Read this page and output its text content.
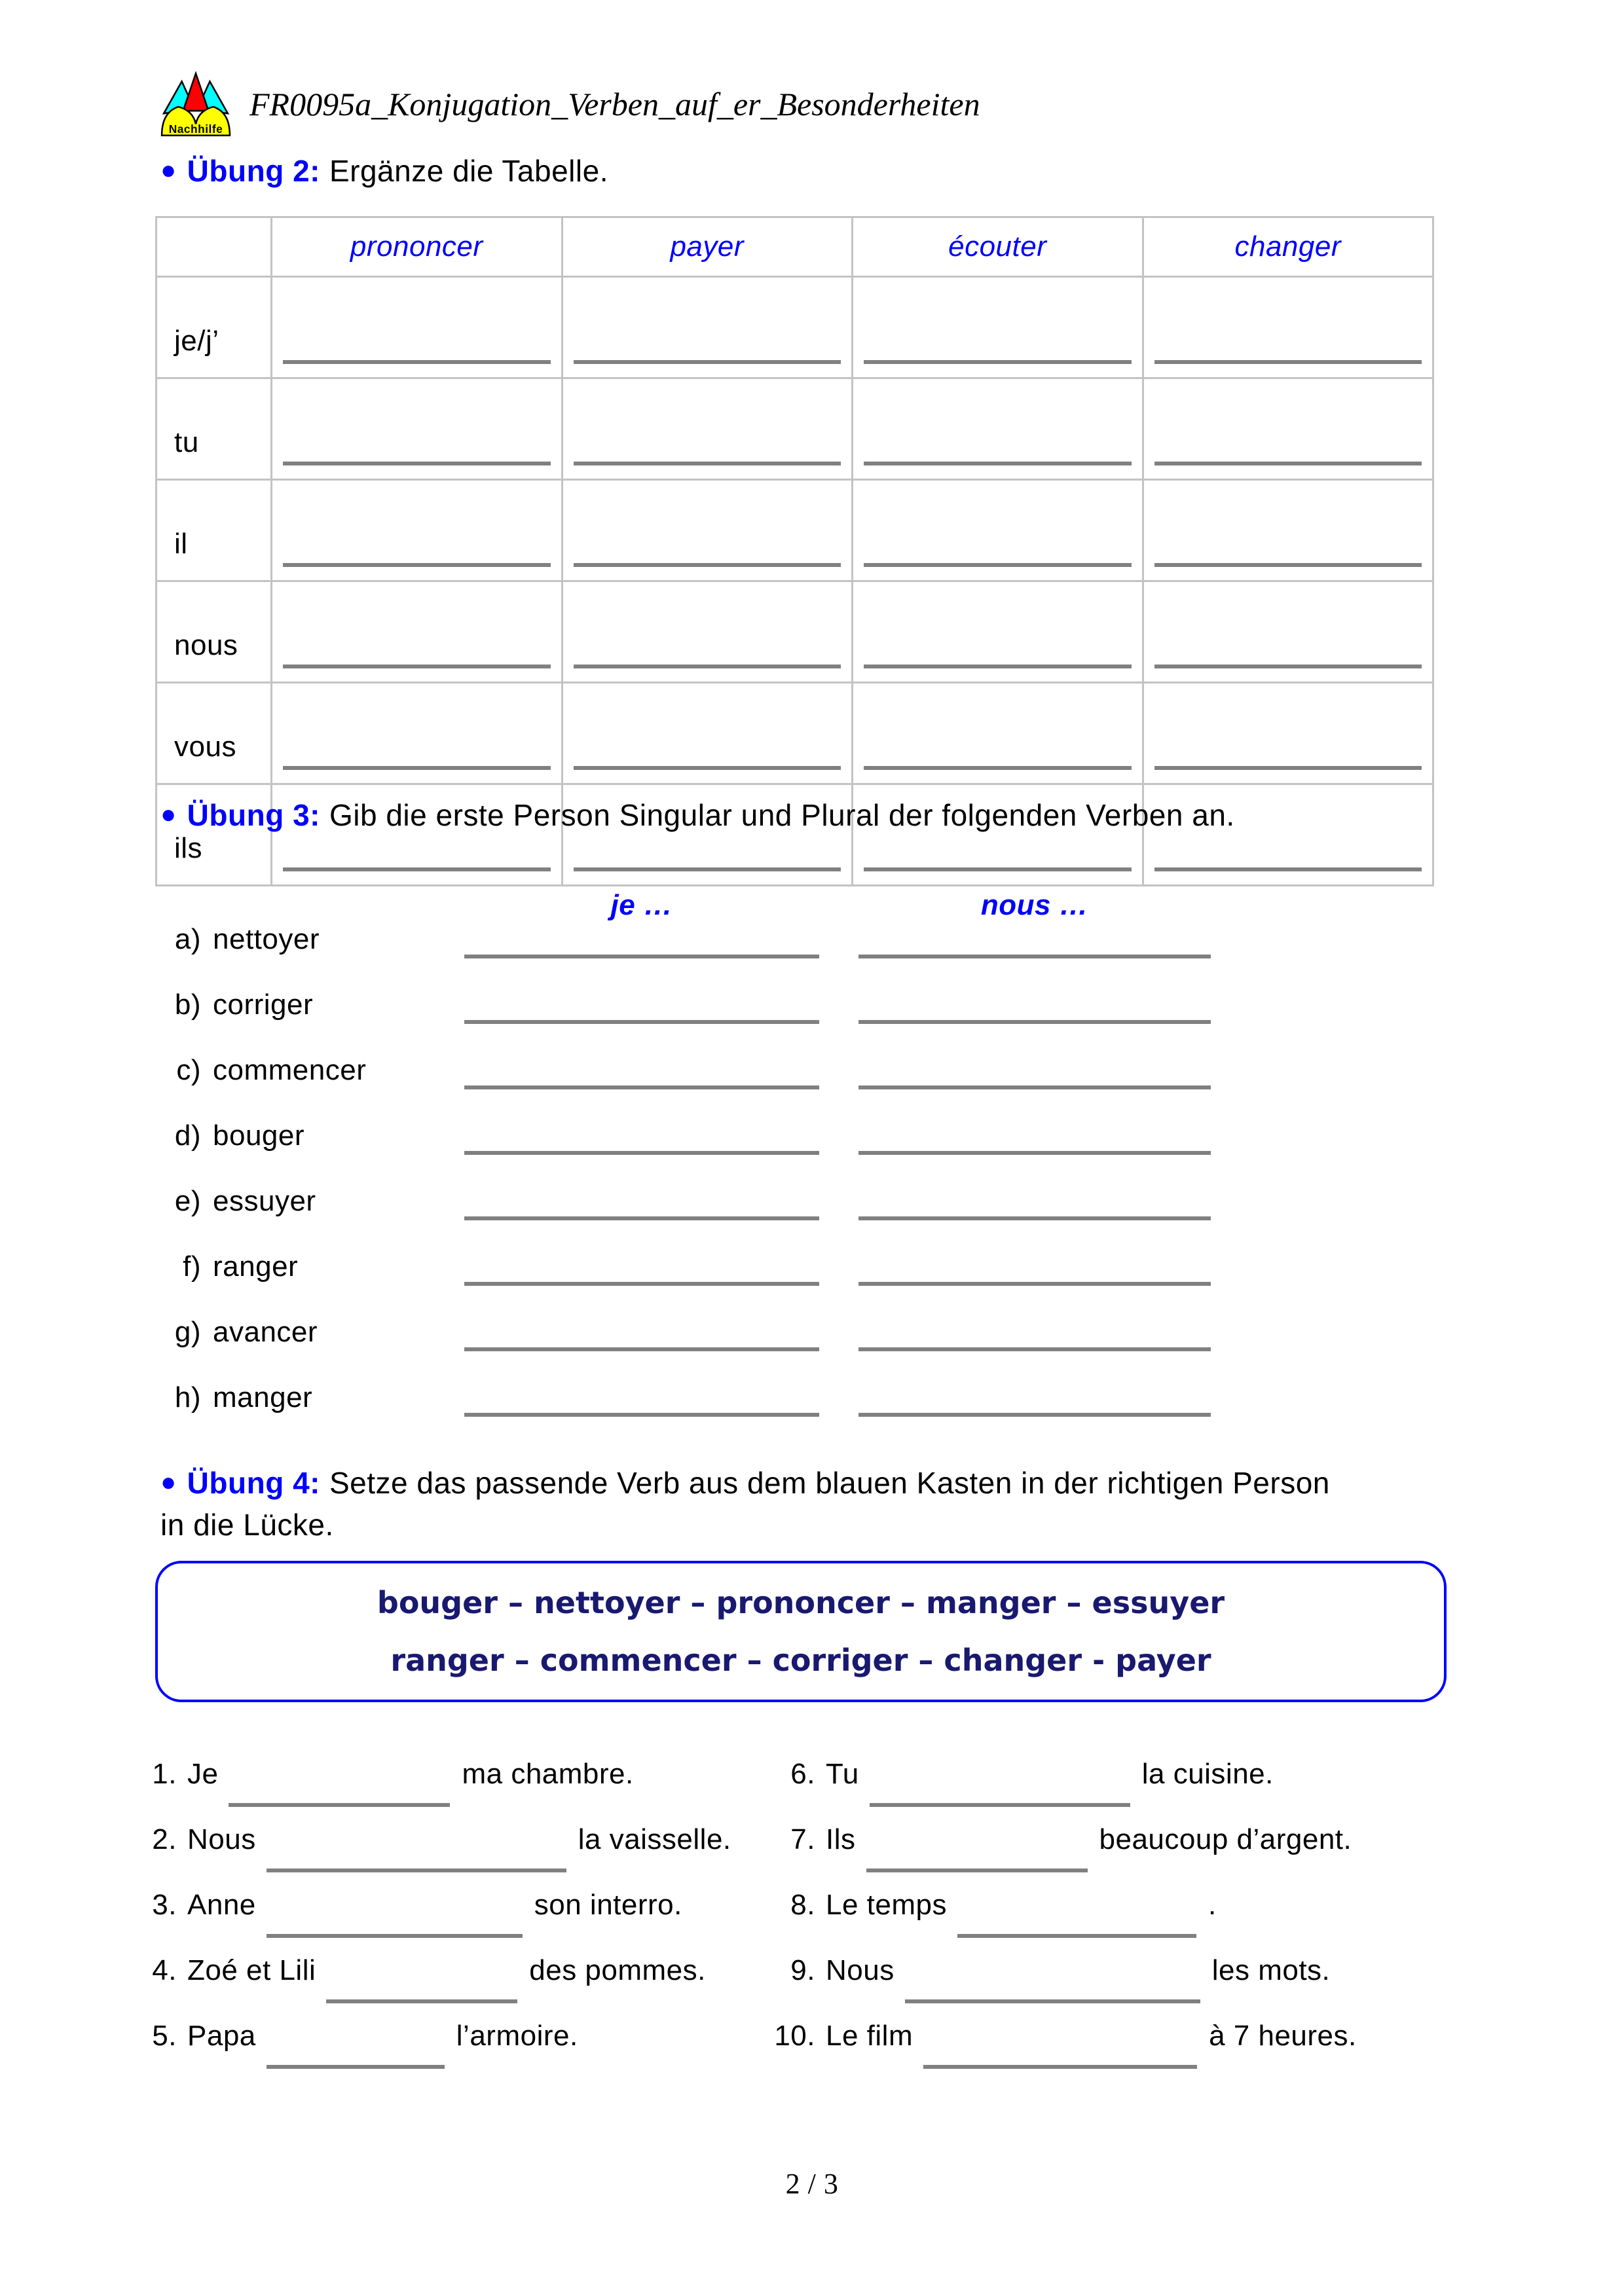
Nachhilfe
FR0095a_Konjugation_Verben_auf_er_Besonderheiten
● Übung 2: Ergänze die Tabelle.
	prononcer	payer	écouter	changer
je/j’	

tu	

il	

nous	

vous	

ils	

● Übung 3: Gib die erste Person Singular und Plural der folgenden Verben an.
je …	nous …
a) nettoyer
b) corriger
c) commencer
d) bouger
e) essuyer
f) ranger
g) avancer
h) manger
● Übung 4: Setze das passende Verb aus dem blauen Kasten in der richtigen Person
in die Lücke.
bouger – nettoyer – prononcer – manger – essuyer
ranger – commencer – corriger – changer - payer
1. Je	ma chambre.	6. Tu	la cuisine.
2. Nous	la vaisselle.	7. Ils	beaucoup d’argent.
3. Anne	son interro.	8. Le temps	.
4. Zoé et Lili	des pommes.	9. Nous	les mots.
5. Papa	l’armoire.	10. Le film	à 7 heures.
2 / 3
